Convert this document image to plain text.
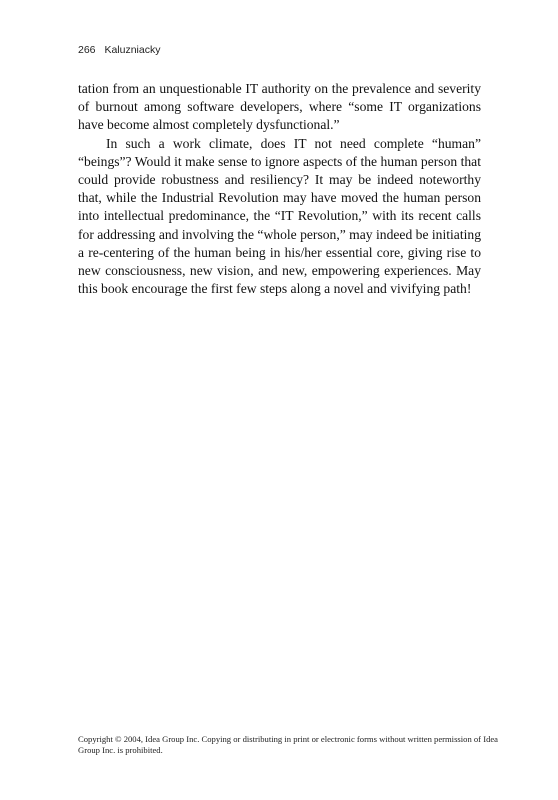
266 Kaluzniacky

tation from an unquestionable IT authority on the prevalence and severity of burnout among software developers, where “some IT organizations have become almost completely dysfunctional.”

In such a work climate, does IT not need complete “human” “beings”? Would it make sense to ignore aspects of the human person that could provide robustness and resiliency? It may be indeed noteworthy that, while the Industrial Revolution may have moved the human person into intellectual predominance, the “IT Revolution,” with its recent calls for addressing and involving the “whole person,” may indeed be initiating a re-centering of the human being in his/her essential core, giving rise to new consciousness, new vision, and new, empowering experiences. May this book encourage the first few steps along a novel and vivifying path!

Copyright © 2004, Idea Group Inc. Copying or distributing in print or electronic forms without written permission of Idea Group Inc. is prohibited.
